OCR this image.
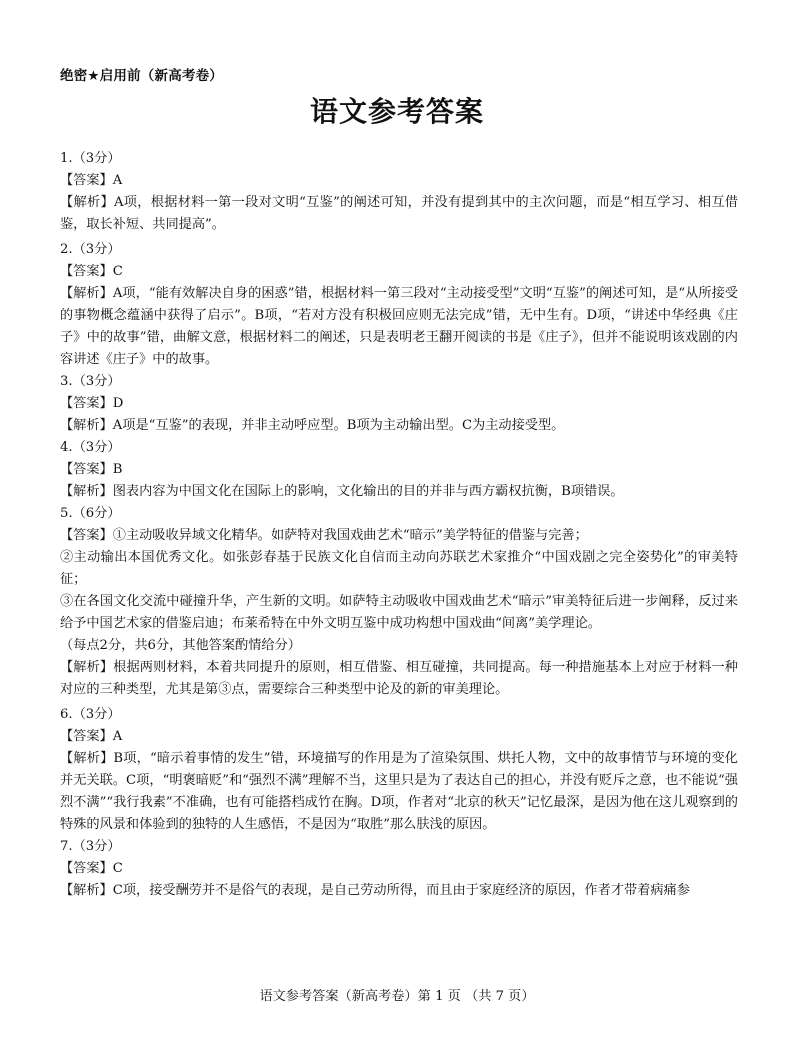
绝密★启用前（新高考卷）
语文参考答案

1.（3分）

【答案】A

【解析】A项，根据材料一第一段对文明“互鉴”的阐述可知，并没有提到其中的主次问题，而是“相互学习、相互借鉴，取长补短、共同提高”。

2.（3分）

【答案】C

【解析】A项，“能有效解决自身的困惑”错，根据材料一第三段对“主动接受型”文明“互鉴”的阐述可知，是“从所接受的事物概念蕴涵中获得了启示”。B项，“若对方没有积极回应则无法完成”错，无中生有。D项，“讲述中华经典《庄子》中的故事”错，曲解文意，根据材料二的阐述，只是表明老王翻开阅读的书是《庄子》，但并不能说明该戏剧的内容讲述《庄子》中的故事。

3.（3分）

【答案】D

【解析】A项是“互鉴”的表现，并非主动呼应型。B项为主动输出型。C为主动接受型。

4.（3分）

【答案】B

【解析】图表内容为中国文化在国际上的影响，文化输出的目的并非与西方霸权抗衡，B项错误。

5.（6分）

【答案】①主动吸收异域文化精华。如萨特对我国戏曲艺术“暗示”美学特征的借鉴与完善；

②主动输出本国优秀文化。如张彭春基于民族文化自信而主动向苏联艺术家推介“中国戏剧之完全姿势化”的审美特征；

③在各国文化交流中碰撞升华，产生新的文明。如萨特主动吸收中国戏曲艺术“暗示”审美特征后进一步阐释，反过来给予中国艺术家的借鉴启迪；布莱希特在中外文明互鉴中成功构想中国戏曲“间离”美学理论。

（每点2分，共6分，其他答案酌情给分）

【解析】根据两则材料，本着共同提升的原则，相互借鉴、相互碰撞，共同提高。每一种措施基本上对应于材料一种对应的三种类型，尤其是第③点，需要综合三种类型中论及的新的审美理论。

6.（3分）

【答案】A

【解析】B项，“暗示着事情的发生”错，环境描写的作用是为了渲染氛围、烘托人物，文中的故事情节与环境的变化并无关联。C项，“明褒暗贬”和“强烈不满”理解不当，这里只是为了表达自己的担心，并没有贬斥之意，也不能说“强烈不满”“我行我素”不准确，也有可能搭档成竹在胸。D项，作者对“北京的秋天”记忆最深，是因为他在这儿观察到的特殊的风景和体验到的独特的人生感悟，不是因为“取胜”那么肤浅的原因。

7.（3分）

【答案】C

【解析】C项，接受酬劳并不是俗气的表现，是自己劳动所得，而且由于家庭经济的原因，作者才带着病痛参

语文参考答案（新高考卷）第 1 页 （共 7 页）
